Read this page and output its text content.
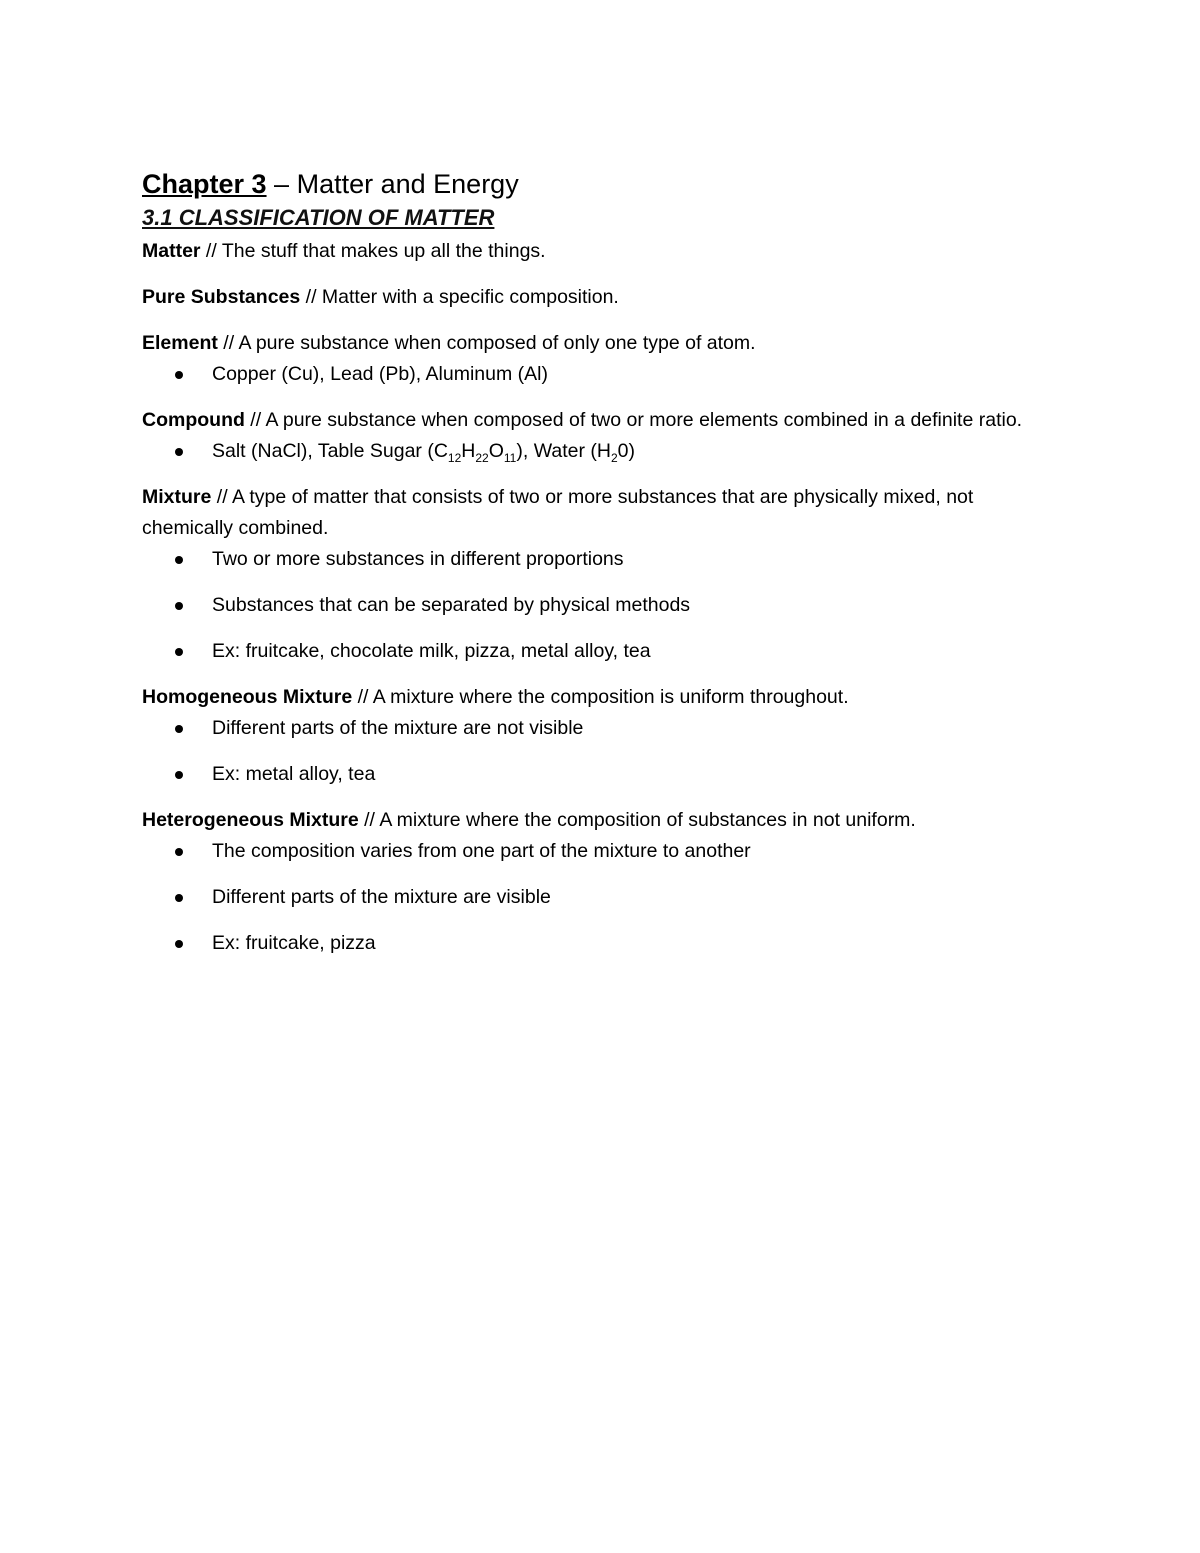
Chapter 3 – Matter and Energy
3.1 CLASSIFICATION OF MATTER

Matter // The stuff that makes up all the things.

Pure Substances // Matter with a specific composition.

Element // A pure substance when composed of only one type of atom.

Copper (Cu), Lead (Pb), Aluminum (Al)

Compound // A pure substance when composed of two or more elements combined in a definite ratio.

Salt (NaCl), Table Sugar $(C_{12}H_{22}O_{11})$, Water $(H_20)$

Mixture // A type of matter that consists of two or more substances that are physically mixed, not chemically combined.

Two or more substances in different proportions
Substances that can be separated by physical methods
Ex: fruitcake, chocolate milk, pizza, metal alloy, tea

Homogeneous Mixture // A mixture where the composition is uniform throughout.

Different parts of the mixture are not visible
Ex: metal alloy, tea

Heterogeneous Mixture // A mixture where the composition of substances in not uniform.

The composition varies from one part of the mixture to another
Different parts of the mixture are visible
Ex: fruitcake, pizza
